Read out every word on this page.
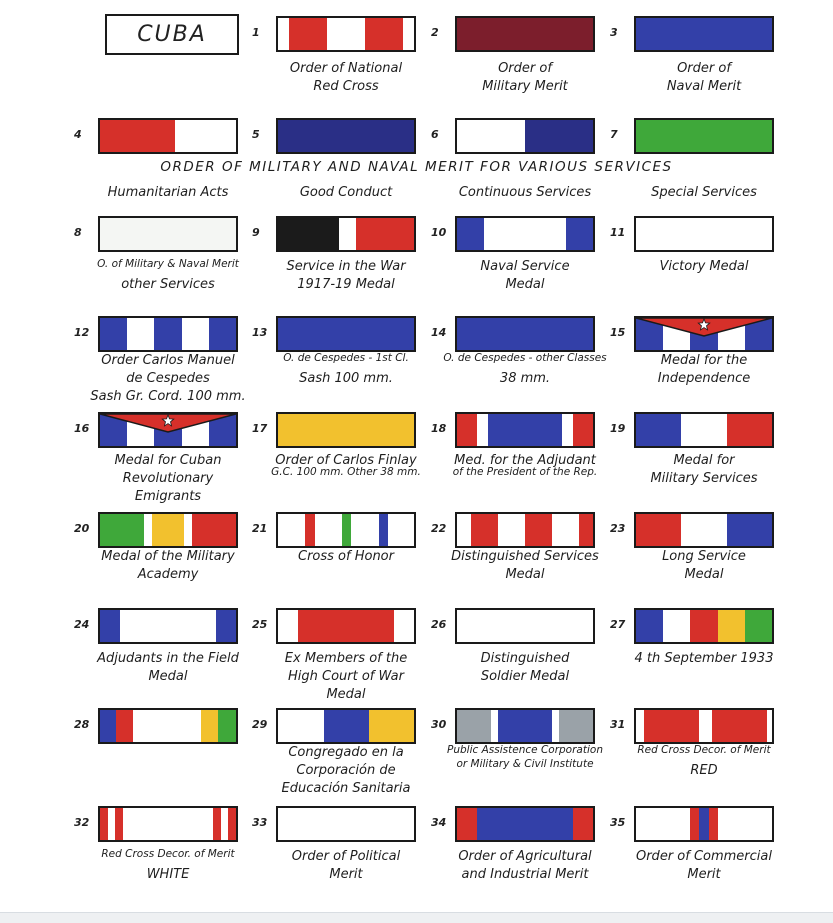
CUBA
ORDER OF MILITARY AND NAVAL MERIT FOR VARIOUS SERVICES
1
Order of National
Red Cross
2
Order of
Military Merit
3
Order of
Naval Merit
4
Humanitarian Acts
5
Good Conduct
6
Continuous Services
7
Special Services
8
O. of Military & Naval Merit
other Services
9
Service in the War
1917-19 Medal
10
Naval Service
Medal
11
Victory Medal
12
Order Carlos Manuel
de Cespedes
Sash Gr. Cord. 100 mm.
13
O. de Cespedes - 1st Cl.
Sash 100 mm.
14
O. de Cespedes - other Classes
38 mm.
15
Medal for the
Independence
16
Medal for Cuban
Revolutionary
Emigrants
17
Order of Carlos Finlay
G.C. 100 mm. Other 38 mm.
18
Med. for the Adjudant
of the President of the Rep.
19
Medal for
Military Services
20
Medal of the Military
Academy
21
Cross of Honor
22
Distinguished Services
Medal
23
Long Service
Medal
24
Adjudants in the Field
Medal
25
Ex Members of the
High Court of War
Medal
26
Distinguished
Soldier Medal
27
4 th September 1933
28	29
Congregado en la
Corporación de
Educación Sanitaria
30
Public Assistence Corporation
or Military & Civil Institute
31
Red Cross Decor. of Merit
RED
32
Red Cross Decor. of Merit
WHITE
33
Order of Political
Merit
34
Order of Agricultural
and Industrial Merit
35
Order of Commercial
Merit
